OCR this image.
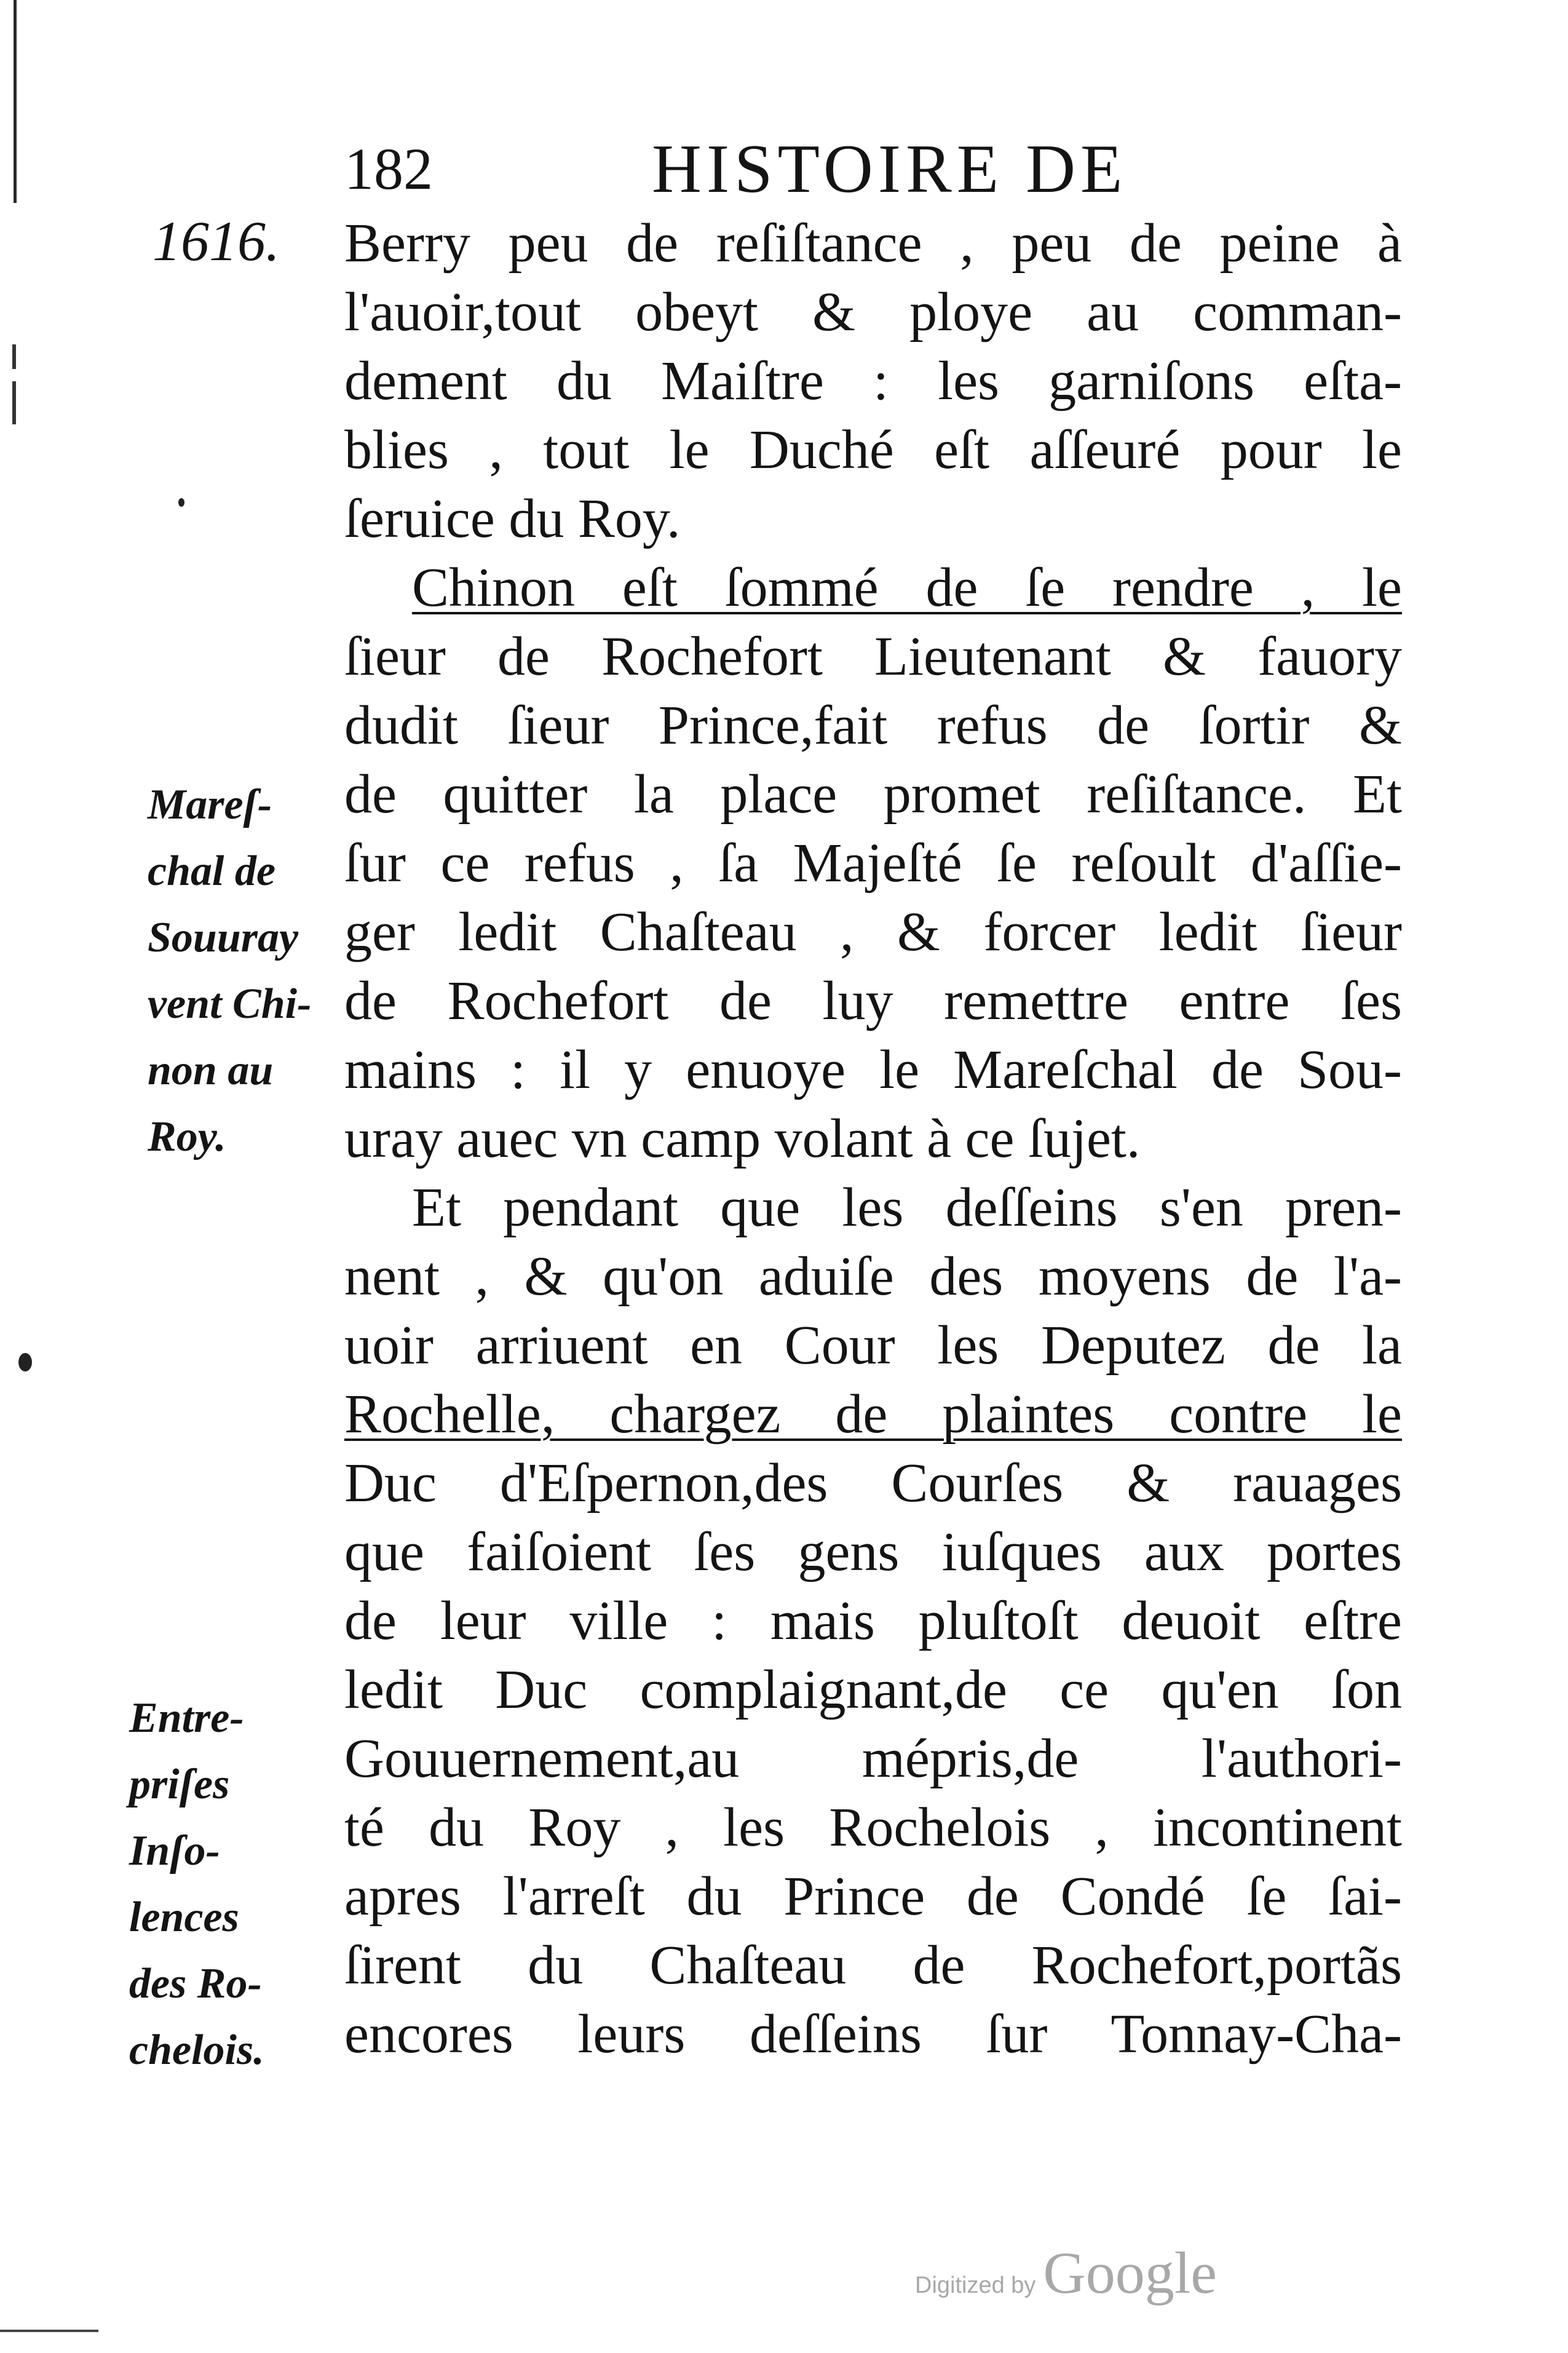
182	HISTOIRE DE
1616.
Mareſ-
chal de
Souuray
vent Chi-
non au
Roy.
Entre-
priſes
Inſo-
lences
des Ro-
chelois.
Berry peu de reſiſtance , peu de peine à
l'auoir,tout obeyt & ploye au comman-
dement du Maiſtre : les garniſons eſta-
blies , tout le Duché eſt aſſeuré pour le
ſeruice du Roy.
Chinon eſt ſommé de ſe rendre , le
ſieur de Rochefort Lieutenant & fauory
dudit ſieur Prince,fait refus de ſortir &
de quitter la place promet reſiſtance. Et
ſur ce refus , ſa Majeſté ſe reſoult d'aſſie-
ger ledit Chaſteau , & forcer ledit ſieur
de Rochefort de luy remettre entre ſes
mains : il y enuoye le Mareſchal de Sou-
uray auec vn camp volant à ce ſujet.
Et pendant que les deſſeins s'en pren-
nent , & qu'on aduiſe des moyens de l'a-
uoir arriuent en Cour les Deputez de la
Rochelle, chargez de plaintes contre le
Duc d'Eſpernon,des Courſes & rauages
que faiſoient ſes gens iuſques aux portes
de leur ville : mais pluſtoſt deuoit eſtre
ledit Duc complaignant,de ce qu'en ſon
Gouuernement,au mépris,de l'authori-
té du Roy , les Rochelois , incontinent
apres l'arreſt du Prince de Condé ſe ſai-
ſirent du Chaſteau de Rochefort,portãs
encores leurs deſſeins ſur Tonnay-Cha-
Digitized by Google
